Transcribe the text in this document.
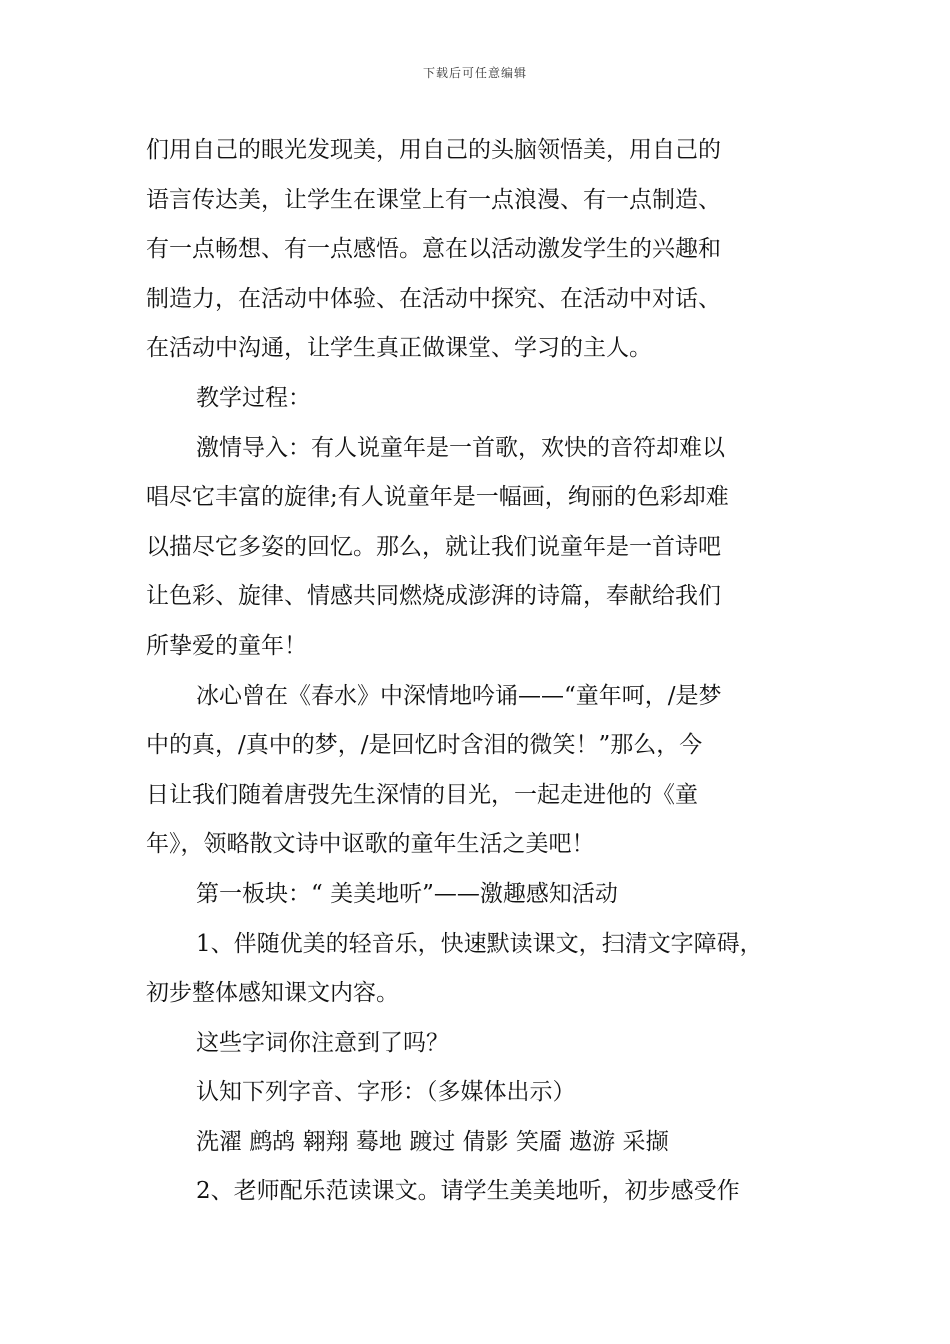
下载后可任意编辑
们用自己的眼光发现美，用自己的头脑领悟美，用自己的
语言传达美，让学生在课堂上有一点浪漫、有一点制造、
有一点畅想、有一点感悟。意在以活动激发学生的兴趣和
制造力，在活动中体验、在活动中探究、在活动中对话、
在活动中沟通，让学生真正做课堂、学习的主人。
教学过程：
激情导入：有人说童年是一首歌，欢快的音符却难以
唱尽它丰富的旋律;有人说童年是一幅画，绚丽的色彩却难
以描尽它多姿的回忆。那么，就让我们说童年是一首诗吧
让色彩、旋律、情感共同燃烧成澎湃的诗篇，奉献给我们
所挚爱的童年！
冰心曾在《春水》中深情地吟诵——“童年呵，/是梦
中的真，/真中的梦，/是回忆时含泪的微笑！”那么，今
日让我们随着唐弢先生深情的目光，一起走进他的《童
年》，领略散文诗中讴歌的童年生活之美吧！
第一板块：“ 美美地听”——激趣感知活动
1、伴随优美的轻音乐，快速默读课文，扫清文字障碍，
初步整体感知课文内容。
这些字词你注意到了吗？
认知下列字音、字形：（多媒体出示）
洗濯 鹧鸪 翱翔 蓦地 踱过 倩影 笑靥 遨游 采撷
2、老师配乐范读课文。请学生美美地听，初步感受作
